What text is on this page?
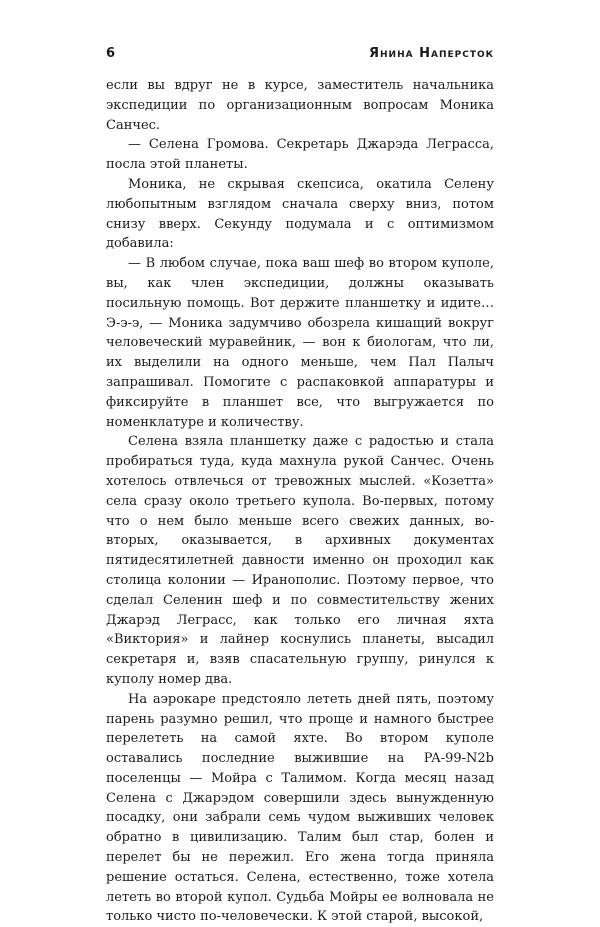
6	Янина Наперсток

если вы вдруг не в курсе, заместитель начальника экспедиции по организационным вопросам Моника Санчес.

— Селена Громова. Секретарь Джарэда Леграсса, посла этой планеты.

Моника, не скрывая скепсиса, окатила Селену любопытным взглядом сначала сверху вниз, потом снизу вверх. Секунду подумала и с оптимизмом добавила:

— В любом случае, пока ваш шеф во втором куполе, вы, как член экспедиции, должны оказывать посильную помощь. Вот держите планшетку и идите… Э-э-э, — Моника задумчиво обозрела кишащий вокруг человеческий муравейник, — вон к биологам, что ли, их выделили на одного меньше, чем Пал Палыч запрашивал. Помогите с распаковкой аппаратуры и фиксируйте в планшет все, что выгружается по номенклатуре и количеству.

Селена взяла планшетку даже с радостью и стала пробираться туда, куда махнула рукой Санчес. Очень хотелось отвлечься от тревожных мыслей. «Козетта» села сразу около третьего купола. Во-первых, потому что о нем было меньше всего свежих данных, во-вторых, оказывается, в архивных документах пятидесятилетней давности именно он проходил как столица колонии — Иранополис. Поэтому первое, что сделал Селенин шеф и по совместительству жених Джарэд Леграсс, как только его личная яхта «Виктория» и лайнер коснулись планеты, высадил секретаря и, взяв спасательную группу, ринулся к куполу номер два.

На аэрокаре предстояло лететь дней пять, поэтому парень разумно решил, что проще и намного быстрее перелететь на самой яхте. Во втором куполе оставались последние выжившие на PA-99-N2b поселенцы — Мойра с Талимом. Когда месяц назад Селена с Джарэдом совершили здесь вынужденную посадку, они забрали семь чудом выживших человек обратно в цивилизацию. Талим был стар, болен и перелет бы не пережил. Его жена тогда приняла решение остаться. Селена, естественно, тоже хотела лететь во второй купол. Судьба Мойры ее волновала не только чисто по-человечески. К этой старой, высокой,
